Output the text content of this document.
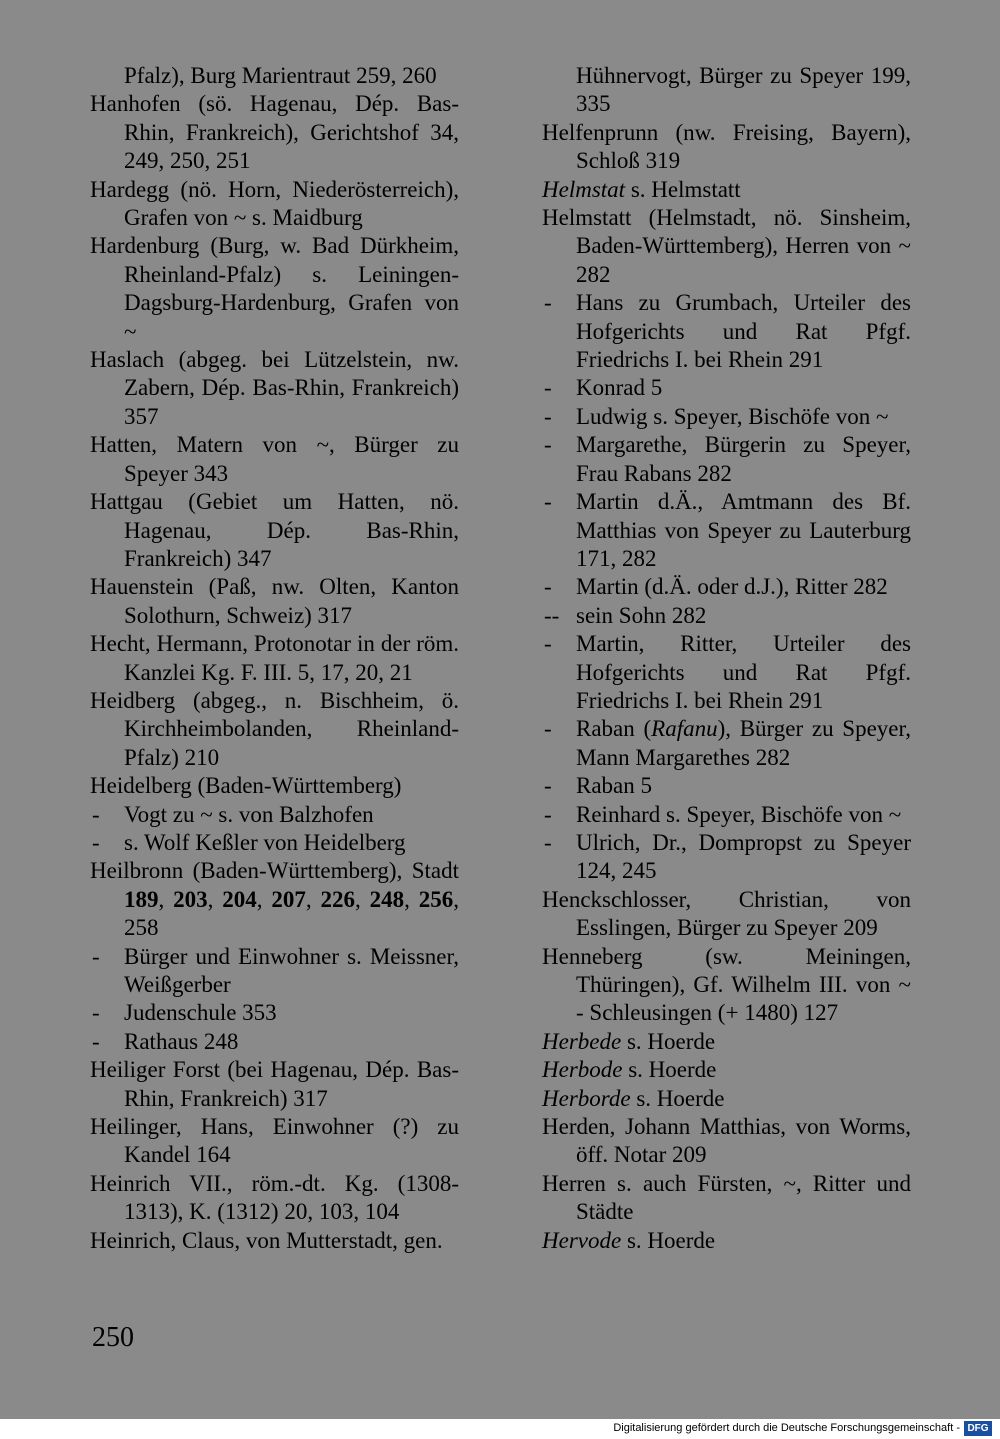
Pfalz), Burg Marientraut 259, 260
Hanhofen (sö. Hagenau, Dép. Bas-Rhin, Frankreich), Gerichtshof 34, 249, 250, 251
Hardegg (nö. Horn, Niederösterreich), Grafen von ~ s. Maidburg
Hardenburg (Burg, w. Bad Dürkheim, Rheinland-Pfalz) s. Leiningen-Dagsburg-Hardenburg, Grafen von ~
Haslach (abgeg. bei Lützelstein, nw. Zabern, Dép. Bas-Rhin, Frankreich) 357
Hatten, Matern von ~, Bürger zu Speyer 343
Hattgau (Gebiet um Hatten, nö. Hagenau, Dép. Bas-Rhin, Frankreich) 347
Hauenstein (Paß, nw. Olten, Kanton Solothurn, Schweiz) 317
Hecht, Hermann, Protonotar in der röm. Kanzlei Kg. F. III. 5, 17, 20, 21
Heidberg (abgeg., n. Bischheim, ö. Kirchheimbolanden, Rheinland-Pfalz) 210
Heidelberg (Baden-Württemberg)
-	Vogt zu ~ s. von Balzhofen
-	s. Wolf Keßler von Heidelberg
Heilbronn (Baden-Württemberg), Stadt 189, 203, 204, 207, 226, 248, 256, 258
-	Bürger und Einwohner s. Meissner, Weißgerber
-	Judenschule 353
-	Rathaus 248
Heiliger Forst (bei Hagenau, Dép. Bas-Rhin, Frankreich) 317
Heilinger, Hans, Einwohner (?) zu Kandel 164
Heinrich VII., röm.-dt. Kg. (1308-1313), K. (1312) 20, 103, 104
Heinrich, Claus, von Mutterstadt, gen.
Hühnervogt, Bürger zu Speyer 199, 335
Helfenprunn (nw. Freising, Bayern), Schloß 319
Helmstat s. Helmstatt
Helmstatt (Helmstadt, nö. Sinsheim, Baden-Württemberg), Herren von ~ 282
-	Hans zu Grumbach, Urteiler des Hofgerichts und Rat Pfgf. Friedrichs I. bei Rhein 291
-	Konrad 5
-	Ludwig s. Speyer, Bischöfe von ~
-	Margarethe, Bürgerin zu Speyer, Frau Rabans 282
-	Martin d.Ä., Amtmann des Bf. Matthias von Speyer zu Lauterburg 171, 282
-	Martin (d.Ä. oder d.J.), Ritter 282
-- sein Sohn 282
-	Martin, Ritter, Urteiler des Hofgerichts und Rat Pfgf. Friedrichs I. bei Rhein 291
-	Raban (Rafanu), Bürger zu Speyer, Mann Margarethes 282
-	Raban 5
-	Reinhard s. Speyer, Bischöfe von ~
-	Ulrich, Dr., Dompropst zu Speyer 124, 245
Henckschlosser, Christian, von Esslingen, Bürger zu Speyer 209
Henneberg (sw. Meiningen, Thüringen), Gf. Wilhelm III. von ~ - Schleusingen (+ 1480) 127
Herbede s. Hoerde
Herbode s. Hoerde
Herborde s. Hoerde
Herden, Johann Matthias, von Worms, öff. Notar 209
Herren s. auch Fürsten, ~, Ritter und Städte
Hervode s. Hoerde
250
Digitalisierung gefördert durch die Deutsche Forschungsgemeinschaft - DFG
